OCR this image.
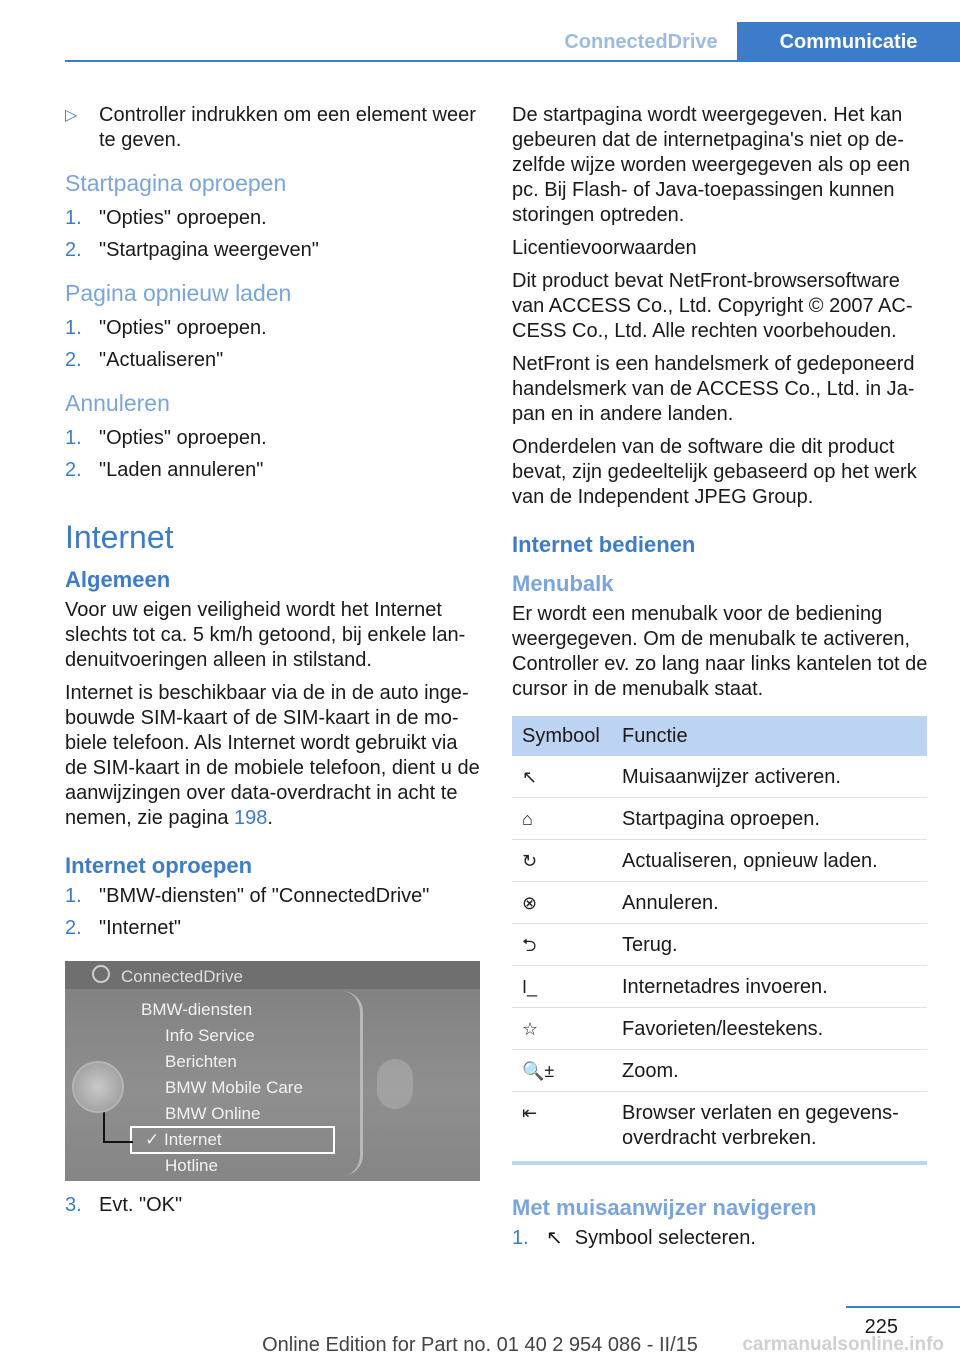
ConnectedDrive	Communicatie
▷	Controller indrukken om een element weer te geven.
Startpagina oproepen
1. "Opties" oproepen.
2. "Startpagina weergeven"
Pagina opnieuw laden
1. "Opties" oproepen.
2. "Actualiseren"
Annuleren
1. "Opties" oproepen.
2. "Laden annuleren"
Internet
Algemeen

Voor uw eigen veiligheid wordt het Internet slechts tot ca. 5 km/h getoond, bij enkele landenuitvoeringen alleen in stilstand.

Internet is beschikbaar via de in de auto ingebouwde SIM-kaart of de SIM-kaart in de mobiele telefoon. Als Internet wordt gebruikt via de SIM-kaart in de mobiele telefoon, dient u de aanwijzingen over data-overdracht in acht te nemen, zie pagina 198.

Internet oproepen
1. "BMW-diensten" of "ConnectedDrive"
2. "Internet"
ConnectedDrive
BMW-diensten
Info Service
Berichten
BMW Mobile Care
BMW Online
✓ Internet
Hotline
3. Evt. "OK"

De startpagina wordt weergegeven. Het kan gebeuren dat de internetpagina's niet op dezelfde wijze worden weergegeven als op een pc. Bij Flash- of Java-toepassingen kunnen storingen optreden.

Licentievoorwaarden

Dit product bevat NetFront-browsersoftware van ACCESS Co., Ltd. Copyright © 2007 ACCESS Co., Ltd. Alle rechten voorbehouden.

NetFront is een handelsmerk of gedeponeerd handelsmerk van de ACCESS Co., Ltd. in Japan en in andere landen.

Onderdelen van de software die dit product bevat, zijn gedeeltelijk gebaseerd op het werk van de Independent JPEG Group.

Internet bedienen
Menubalk

Er wordt een menubalk voor de bediening weergegeven. Om de menubalk te activeren, Controller ev. zo lang naar links kantelen tot de cursor in de menubalk staat.

Symbool	Functie
↖	Muisaanwijzer activeren.
⌂	Startpagina oproepen.
↻	Actualiseren, opnieuw laden.
⊗	Annuleren.
⮌	Terug.
I_	Internetadres invoeren.
☆	Favorieten/leestekens.
🔍±	Zoom.
⇤	Browser verlaten en gegevensoverdracht verbreken.
Met muisaanwijzer navigeren
1. ↖ Symbool selecteren.
225
Online Edition for Part no. 01 40 2 954 086 - II/15	carmanualsonline.info
